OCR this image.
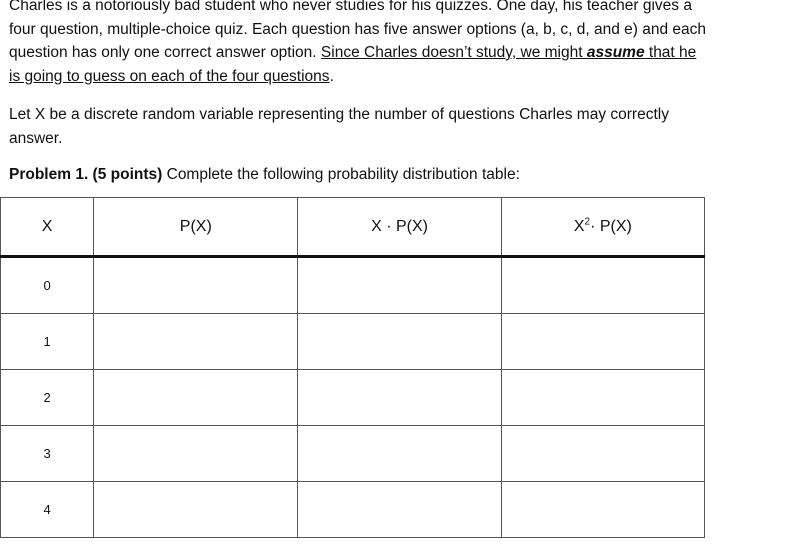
Charles is a notoriously bad student who never studies for his quizzes. One day, his teacher gives a four question, multiple-choice quiz. Each question has five answer options (a, b, c, d, and e) and each question has only one correct answer option. Since Charles doesn’t study, we might assume that he is going to guess on each of the four questions.

Let X be a discrete random variable representing the number of questions Charles may correctly answer.

Problem 1. (5 points) Complete the following probability distribution table:

X	P(X)	X · P(X)	$X^2\cdot P(X)$
0			
1			
2			
3			
4			
